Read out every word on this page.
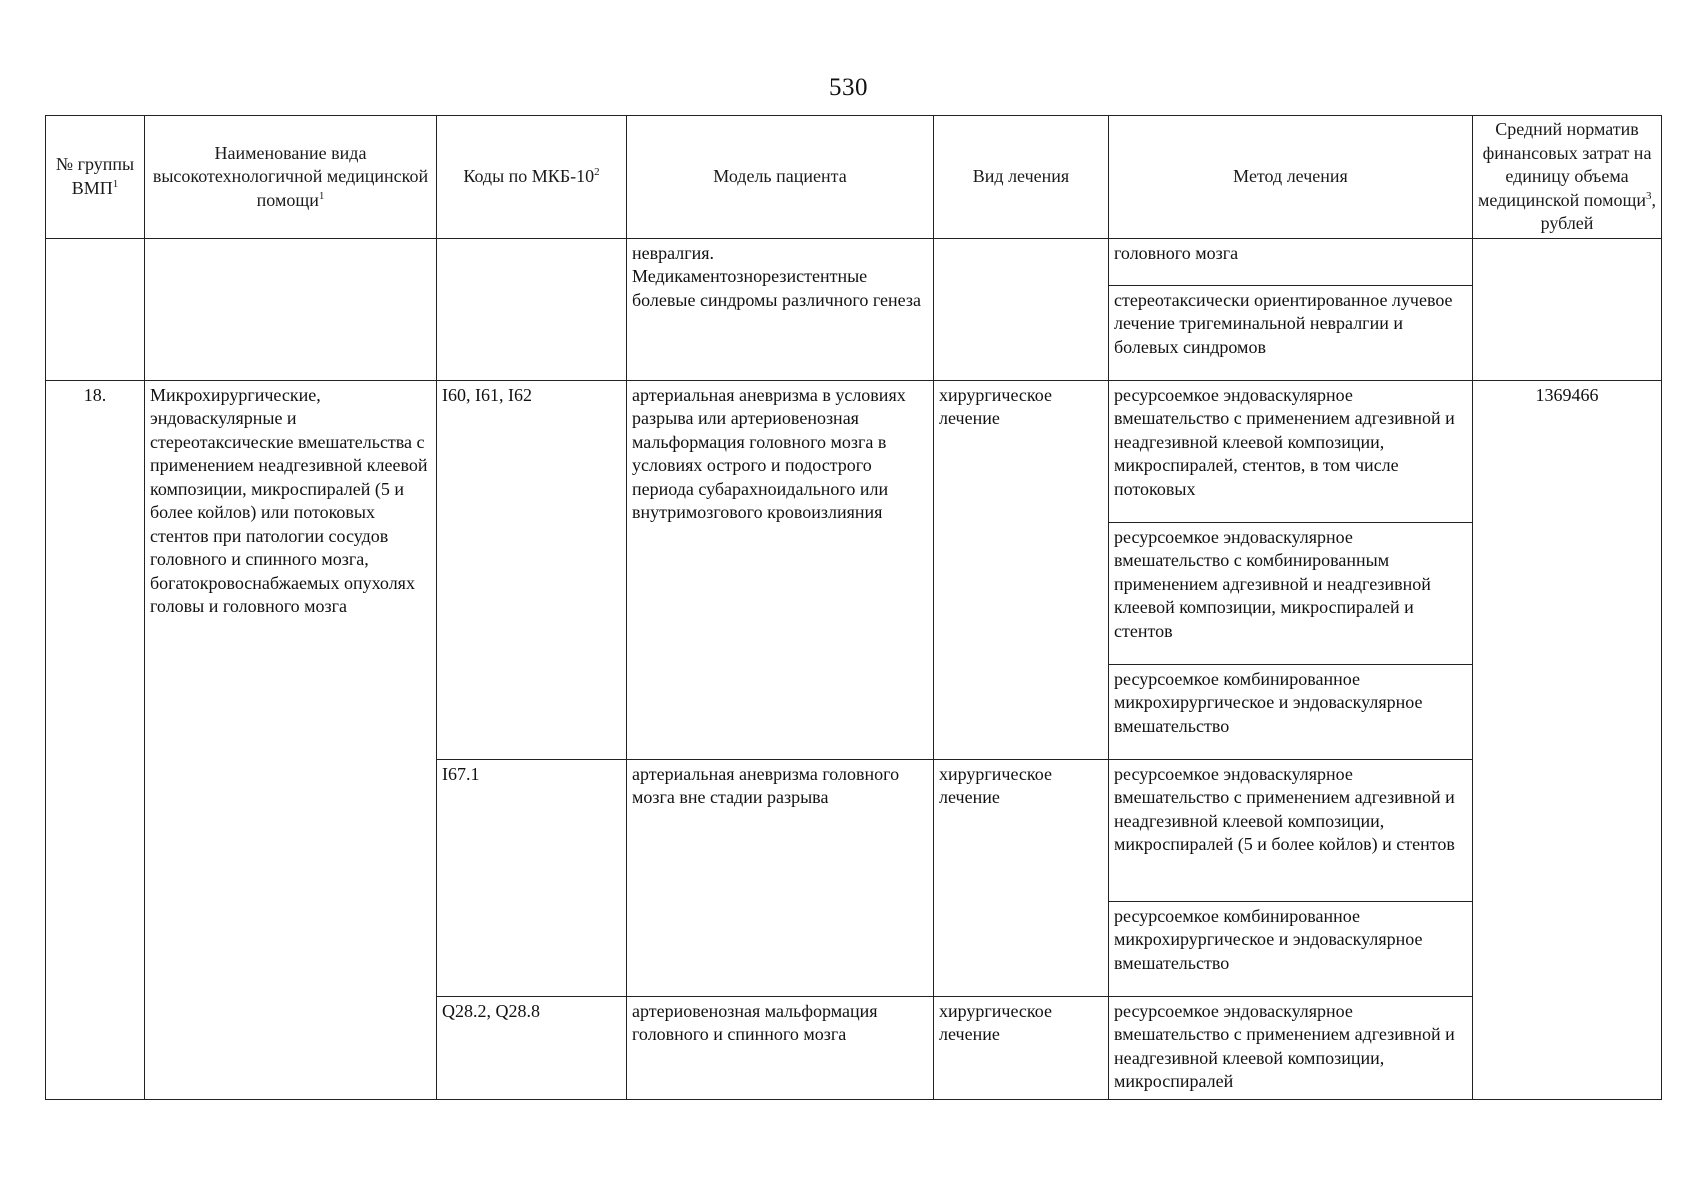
530
№ группы ВМП$^1$	Наименование вида высокотехнологичной медицинской помощи$^1$	Коды по МКБ-$10^2$	Модель пациента	Вид лечения	Метод лечения	Средний норматив финансовых затрат на единицу объема медицинской помощи$^3$, рублей
			невралгия. Медикаментознорезистентные болевые синдромы различного генеза		головного мозга	
					стереотаксически ориентированное лучевое лечение тригеминальной невралгии и болевых синдромов	
18.	Микрохирургические, эндоваскулярные и стереотаксические вмешательства с применением неадгезивной клеевой композиции, микроспиралей (5 и более койлов) или потоковых стентов при патологии сосудов головного и спинного мозга, богатокровоснабжаемых опухолях головы и головного мозга	I60, I61, I62	артериальная аневризма в условиях разрыва или артериовенозная мальформация головного мозга в условиях острого и подострого периода субарахноидального или внутримозгового кровоизлияния	хирургическое лечение	ресурсоемкое эндоваскулярное вмешательство с применением адгезивной и неадгезивной клеевой композиции, микроспиралей, стентов, в том числе потоковых	1369466
					ресурсоемкое эндоваскулярное вмешательство с комбинированным применением адгезивной и неадгезивной клеевой композиции, микроспиралей и стентов	
					ресурсоемкое комбинированное микрохирургическое и эндоваскулярное вмешательство	
		I67.1	артериальная аневризма головного мозга вне стадии разрыва	хирургическое лечение	ресурсоемкое эндоваскулярное вмешательство с применением адгезивной и неадгезивной клеевой композиции, микроспиралей (5 и более койлов) и стентов	
					ресурсоемкое комбинированное микрохирургическое и эндоваскулярное вмешательство	
		Q28.2, Q28.8	артериовенозная мальформация головного и спинного мозга	хирургическое лечение	ресурсоемкое эндоваскулярное вмешательство с применением адгезивной и неадгезивной клеевой композиции, микроспиралей	
